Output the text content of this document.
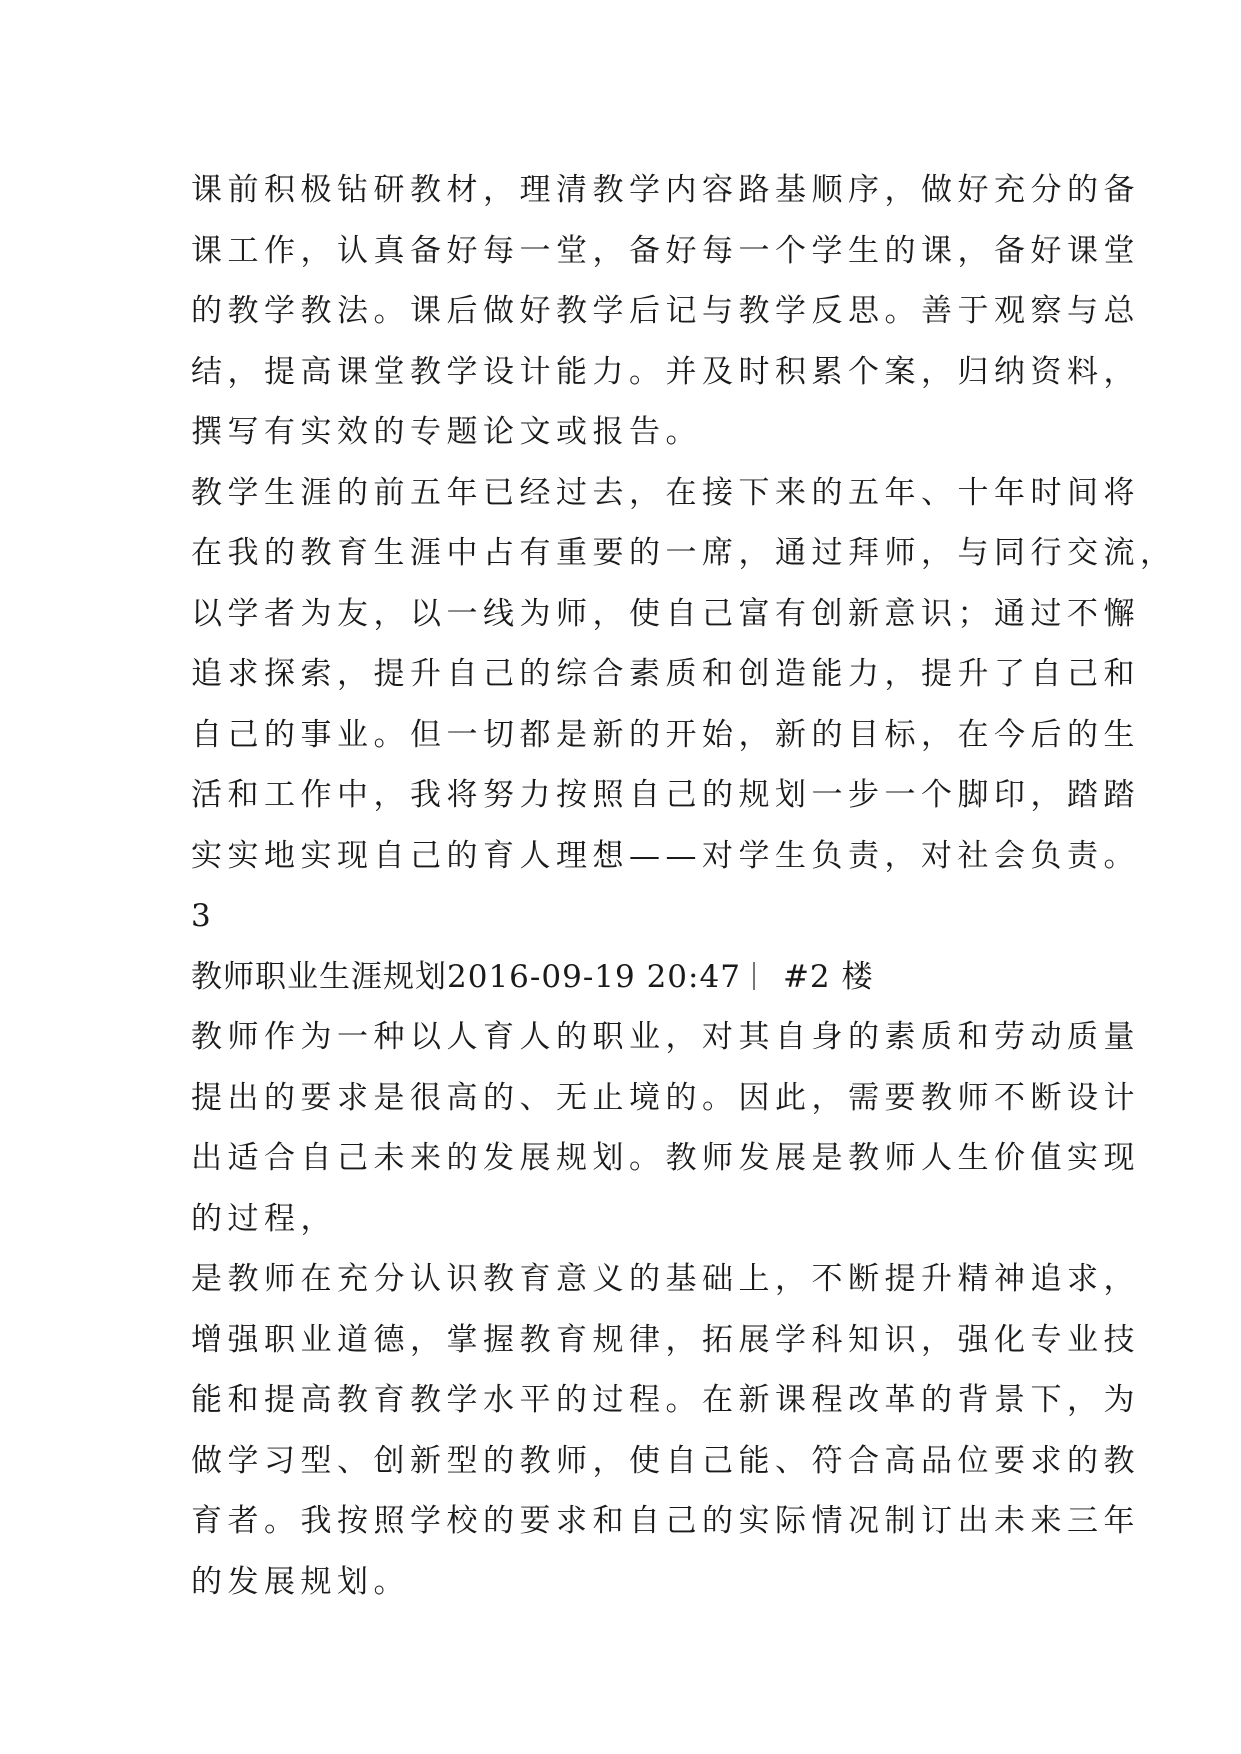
课前积极钻研教材，理清教学内容路基顺序，做好充分的备
课工作，认真备好每一堂，备好每一个学生的课，备好课堂
的教学教法。课后做好教学后记与教学反思。善于观察与总
结，提高课堂教学设计能力。并及时积累个案，归纳资料，
撰写有实效的专题论文或报告。
教学生涯的前五年已经过去，在接下来的五年、十年时间将
在我的教育生涯中占有重要的一席，通过拜师，与同行交流，
以学者为友，以一线为师，使自己富有创新意识；通过不懈
追求探索，提升自己的综合素质和创造能力，提升了自己和
自己的事业。但一切都是新的开始，新的目标，在今后的生
活和工作中，我将努力按照自己的规划一步一个脚印，踏踏
实实地实现自己的育人理想——对学生负责，对社会负责。
3
教师职业生涯规划2016-09-19 20:47 #2 楼
教师作为一种以人育人的职业，对其自身的素质和劳动质量
提出的要求是很高的、无止境的。因此，需要教师不断设计
出适合自己未来的发展规划。教师发展是教师人生价值实现
的过程，
是教师在充分认识教育意义的基础上，不断提升精神追求，
增强职业道德，掌握教育规律，拓展学科知识，强化专业技
能和提高教育教学水平的过程。在新课程改革的背景下，为
做学习型、创新型的教师，使自己能、符合高品位要求的教
育者。我按照学校的要求和自己的实际情况制订出未来三年
的发展规划。
